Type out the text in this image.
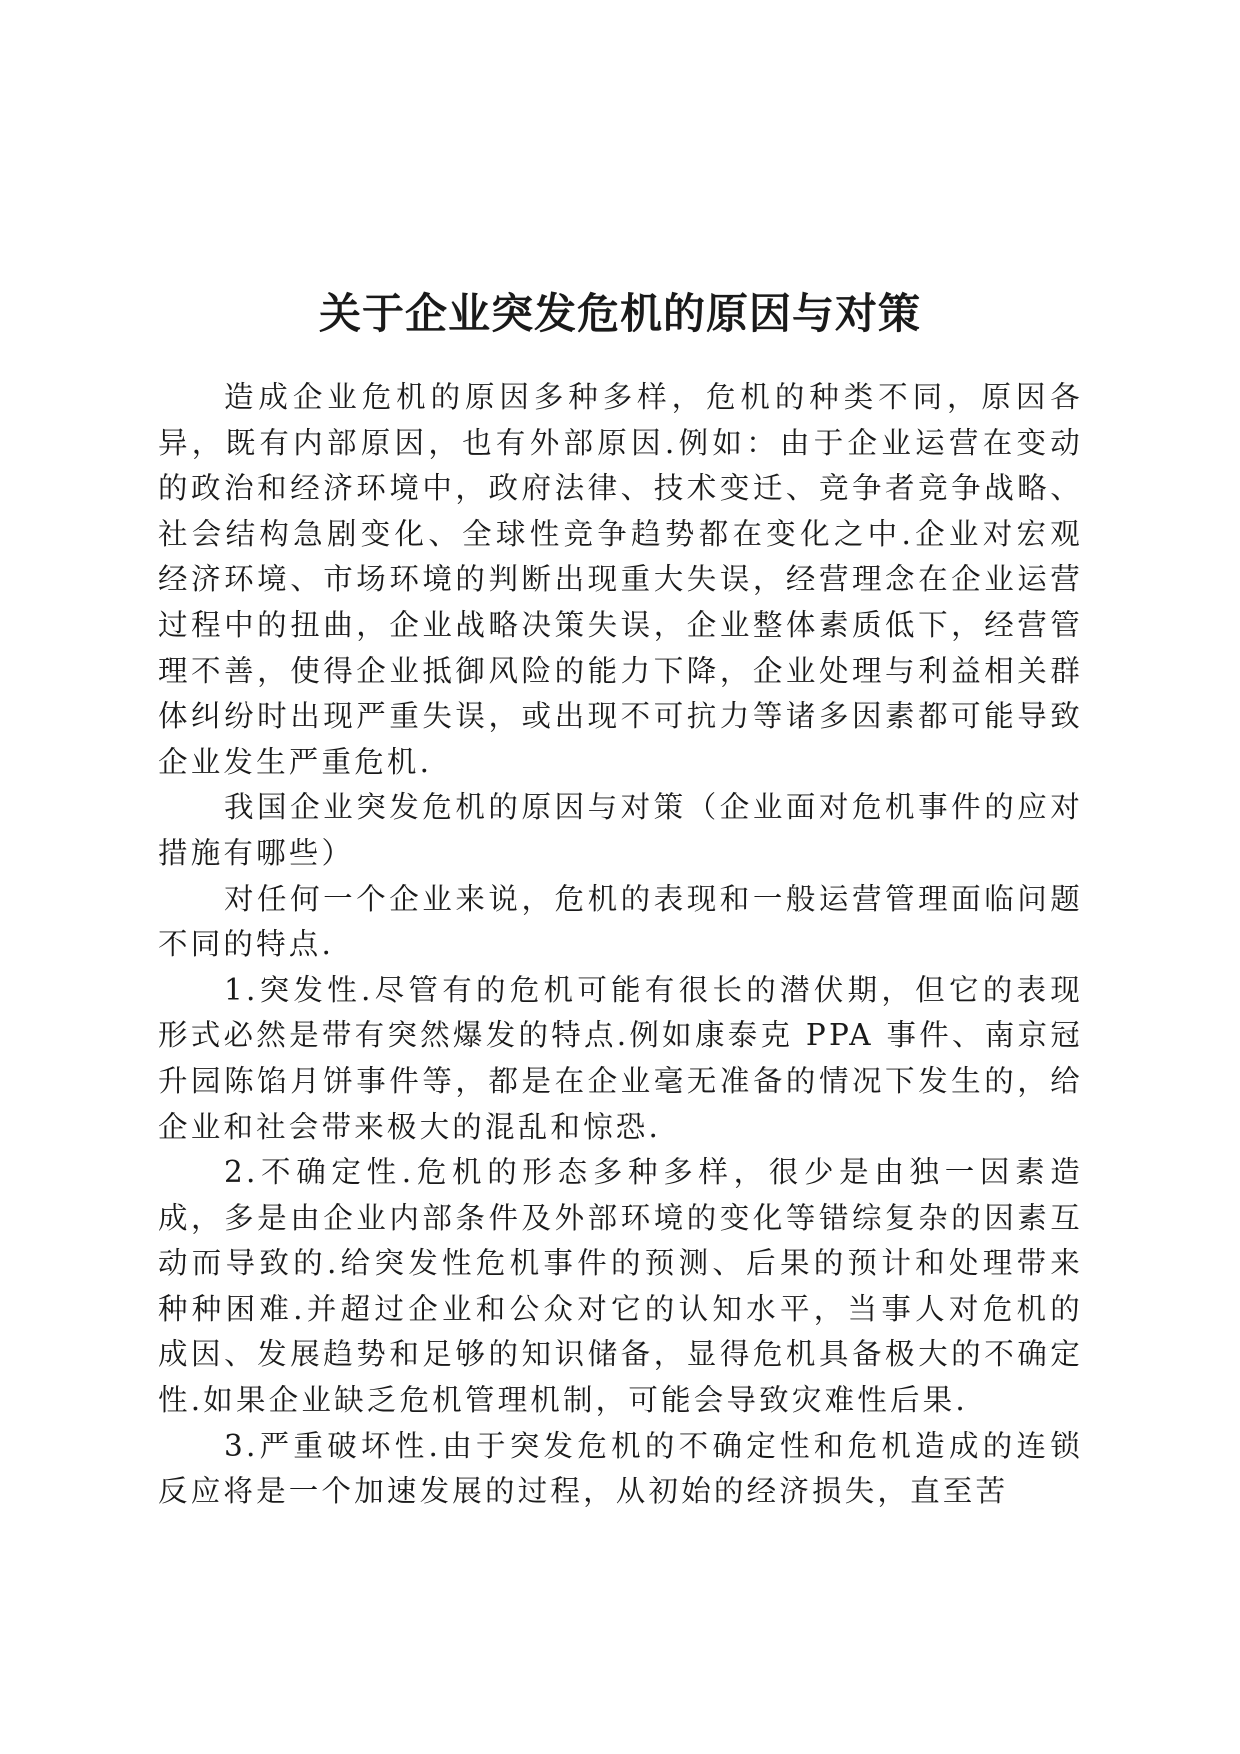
关于企业突发危机的原因与对策

造成企业危机的原因多种多样，危机的种类不同，原因各异，既有内部原因，也有外部原因.例如：由于企业运营在变动的政治和经济环境中，政府法律、技术变迁、竞争者竞争战略、社会结构急剧变化、全球性竞争趋势都在变化之中.企业对宏观经济环境、市场环境的判断出现重大失误，经营理念在企业运营过程中的扭曲，企业战略决策失误，企业整体素质低下，经营管理不善，使得企业抵御风险的能力下降，企业处理与利益相关群体纠纷时出现严重失误，或出现不可抗力等诸多因素都可能导致企业发生严重危机.

我国企业突发危机的原因与对策（企业面对危机事件的应对措施有哪些）

对任何一个企业来说，危机的表现和一般运营管理面临问题不同的特点.

1.突发性.尽管有的危机可能有很长的潜伏期，但它的表现形式必然是带有突然爆发的特点.例如康泰克 PPA 事件、南京冠升园陈馅月饼事件等，都是在企业毫无准备的情况下发生的，给企业和社会带来极大的混乱和惊恐.

2.不确定性.危机的形态多种多样，很少是由独一因素造成，多是由企业内部条件及外部环境的变化等错综复杂的因素互动而导致的.给突发性危机事件的预测、后果的预计和处理带来种种困难.并超过企业和公众对它的认知水平，当事人对危机的成因、发展趋势和足够的知识储备，显得危机具备极大的不确定性.如果企业缺乏危机管理机制，可能会导致灾难性后果.

3.严重破坏性.由于突发危机的不确定性和危机造成的连锁反应将是一个加速发展的过程，从初始的经济损失，直至苦
